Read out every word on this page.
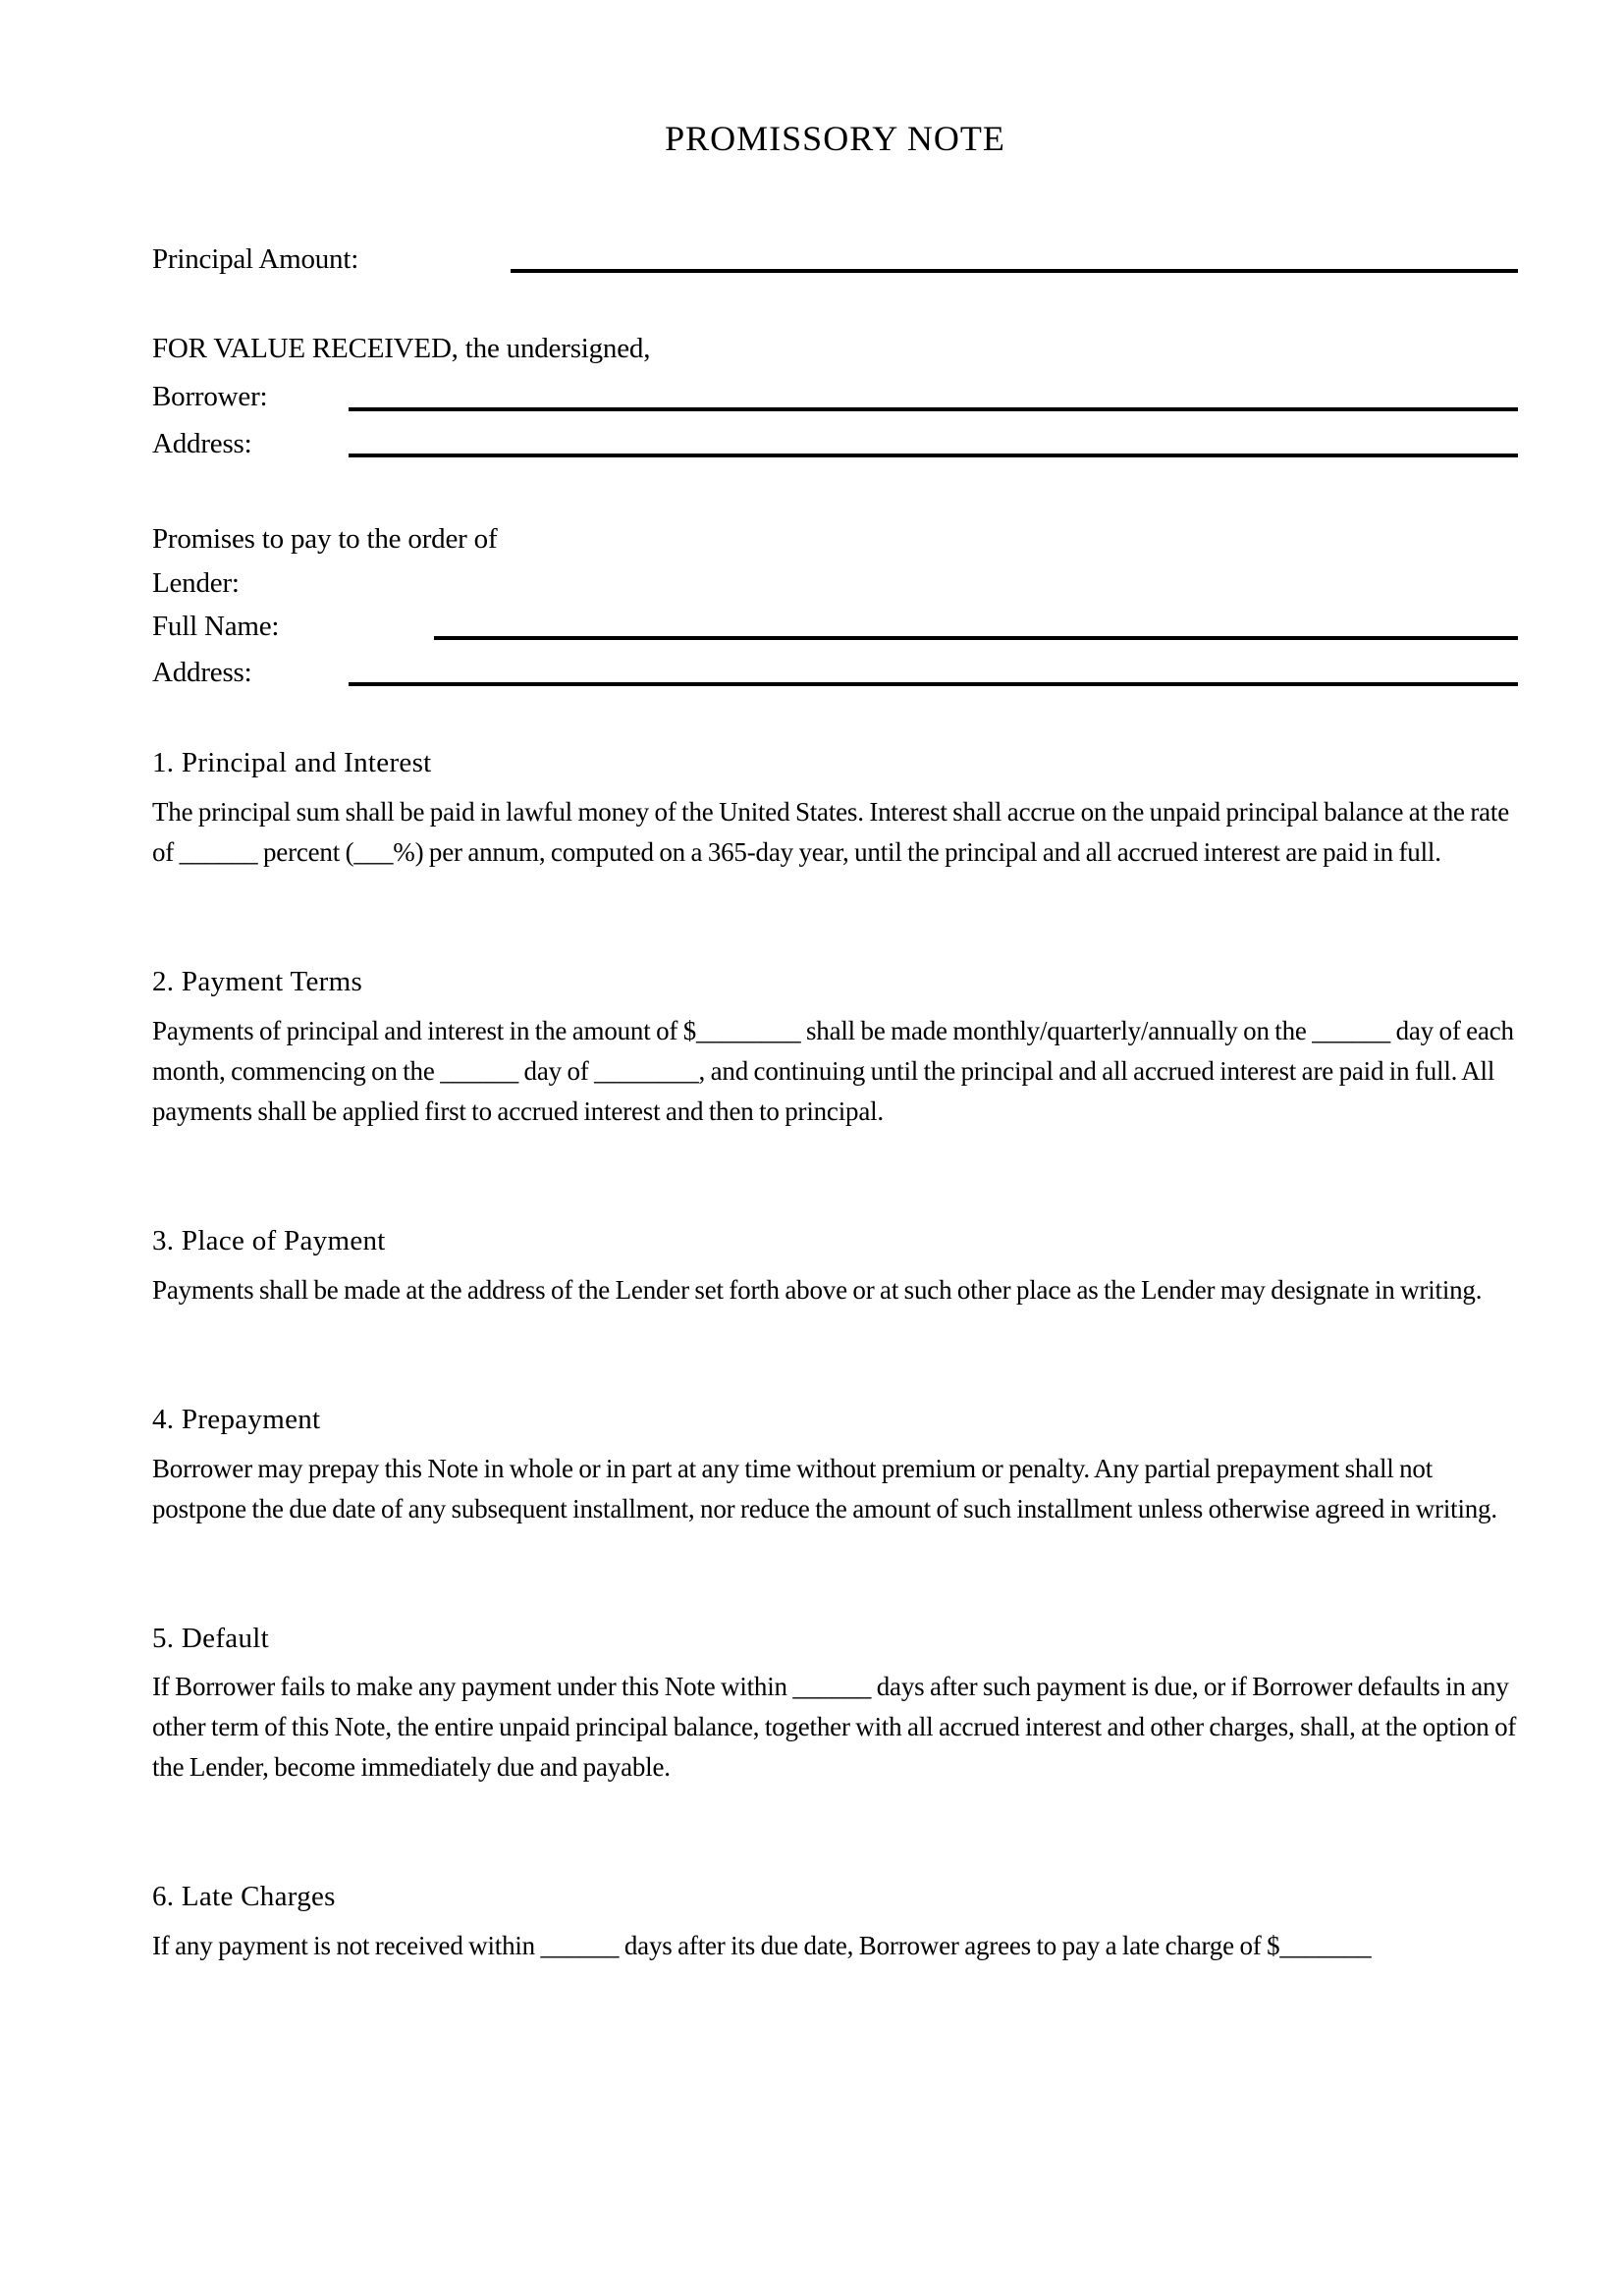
PROMISSORY NOTE
Principal Amount:

FOR VALUE RECEIVED, the undersigned,

Borrower:
Address:

Promises to pay to the order of

Lender:

Full Name:
Address:
1. Principal and Interest

The principal sum shall be paid in lawful money of the United States. Interest shall accrue on the unpaid principal balance at the rate of ______ percent (___%) per annum, computed on a 365-day year, until the principal and all accrued interest are paid in full.

2. Payment Terms

Payments of principal and interest in the amount of $________ shall be made monthly/quarterly/annually on the ______ day of each month, commencing on the ______ day of ________, and continuing until the principal and all accrued interest are paid in full. All payments shall be applied first to accrued interest and then to principal.

3. Place of Payment

Payments shall be made at the address of the Lender set forth above or at such other place as the Lender may designate in writing.

4. Prepayment

Borrower may prepay this Note in whole or in part at any time without premium or penalty. Any partial prepayment shall not postpone the due date of any subsequent installment, nor reduce the amount of such installment unless otherwise agreed in writing.

5. Default

If Borrower fails to make any payment under this Note within ______ days after such payment is due, or if Borrower defaults in any other term of this Note, the entire unpaid principal balance, together with all accrued interest and other charges, shall, at the option of the Lender, become immediately due and payable.

6. Late Charges

If any payment is not received within ______ days after its due date, Borrower agrees to pay a late charge of $_______
